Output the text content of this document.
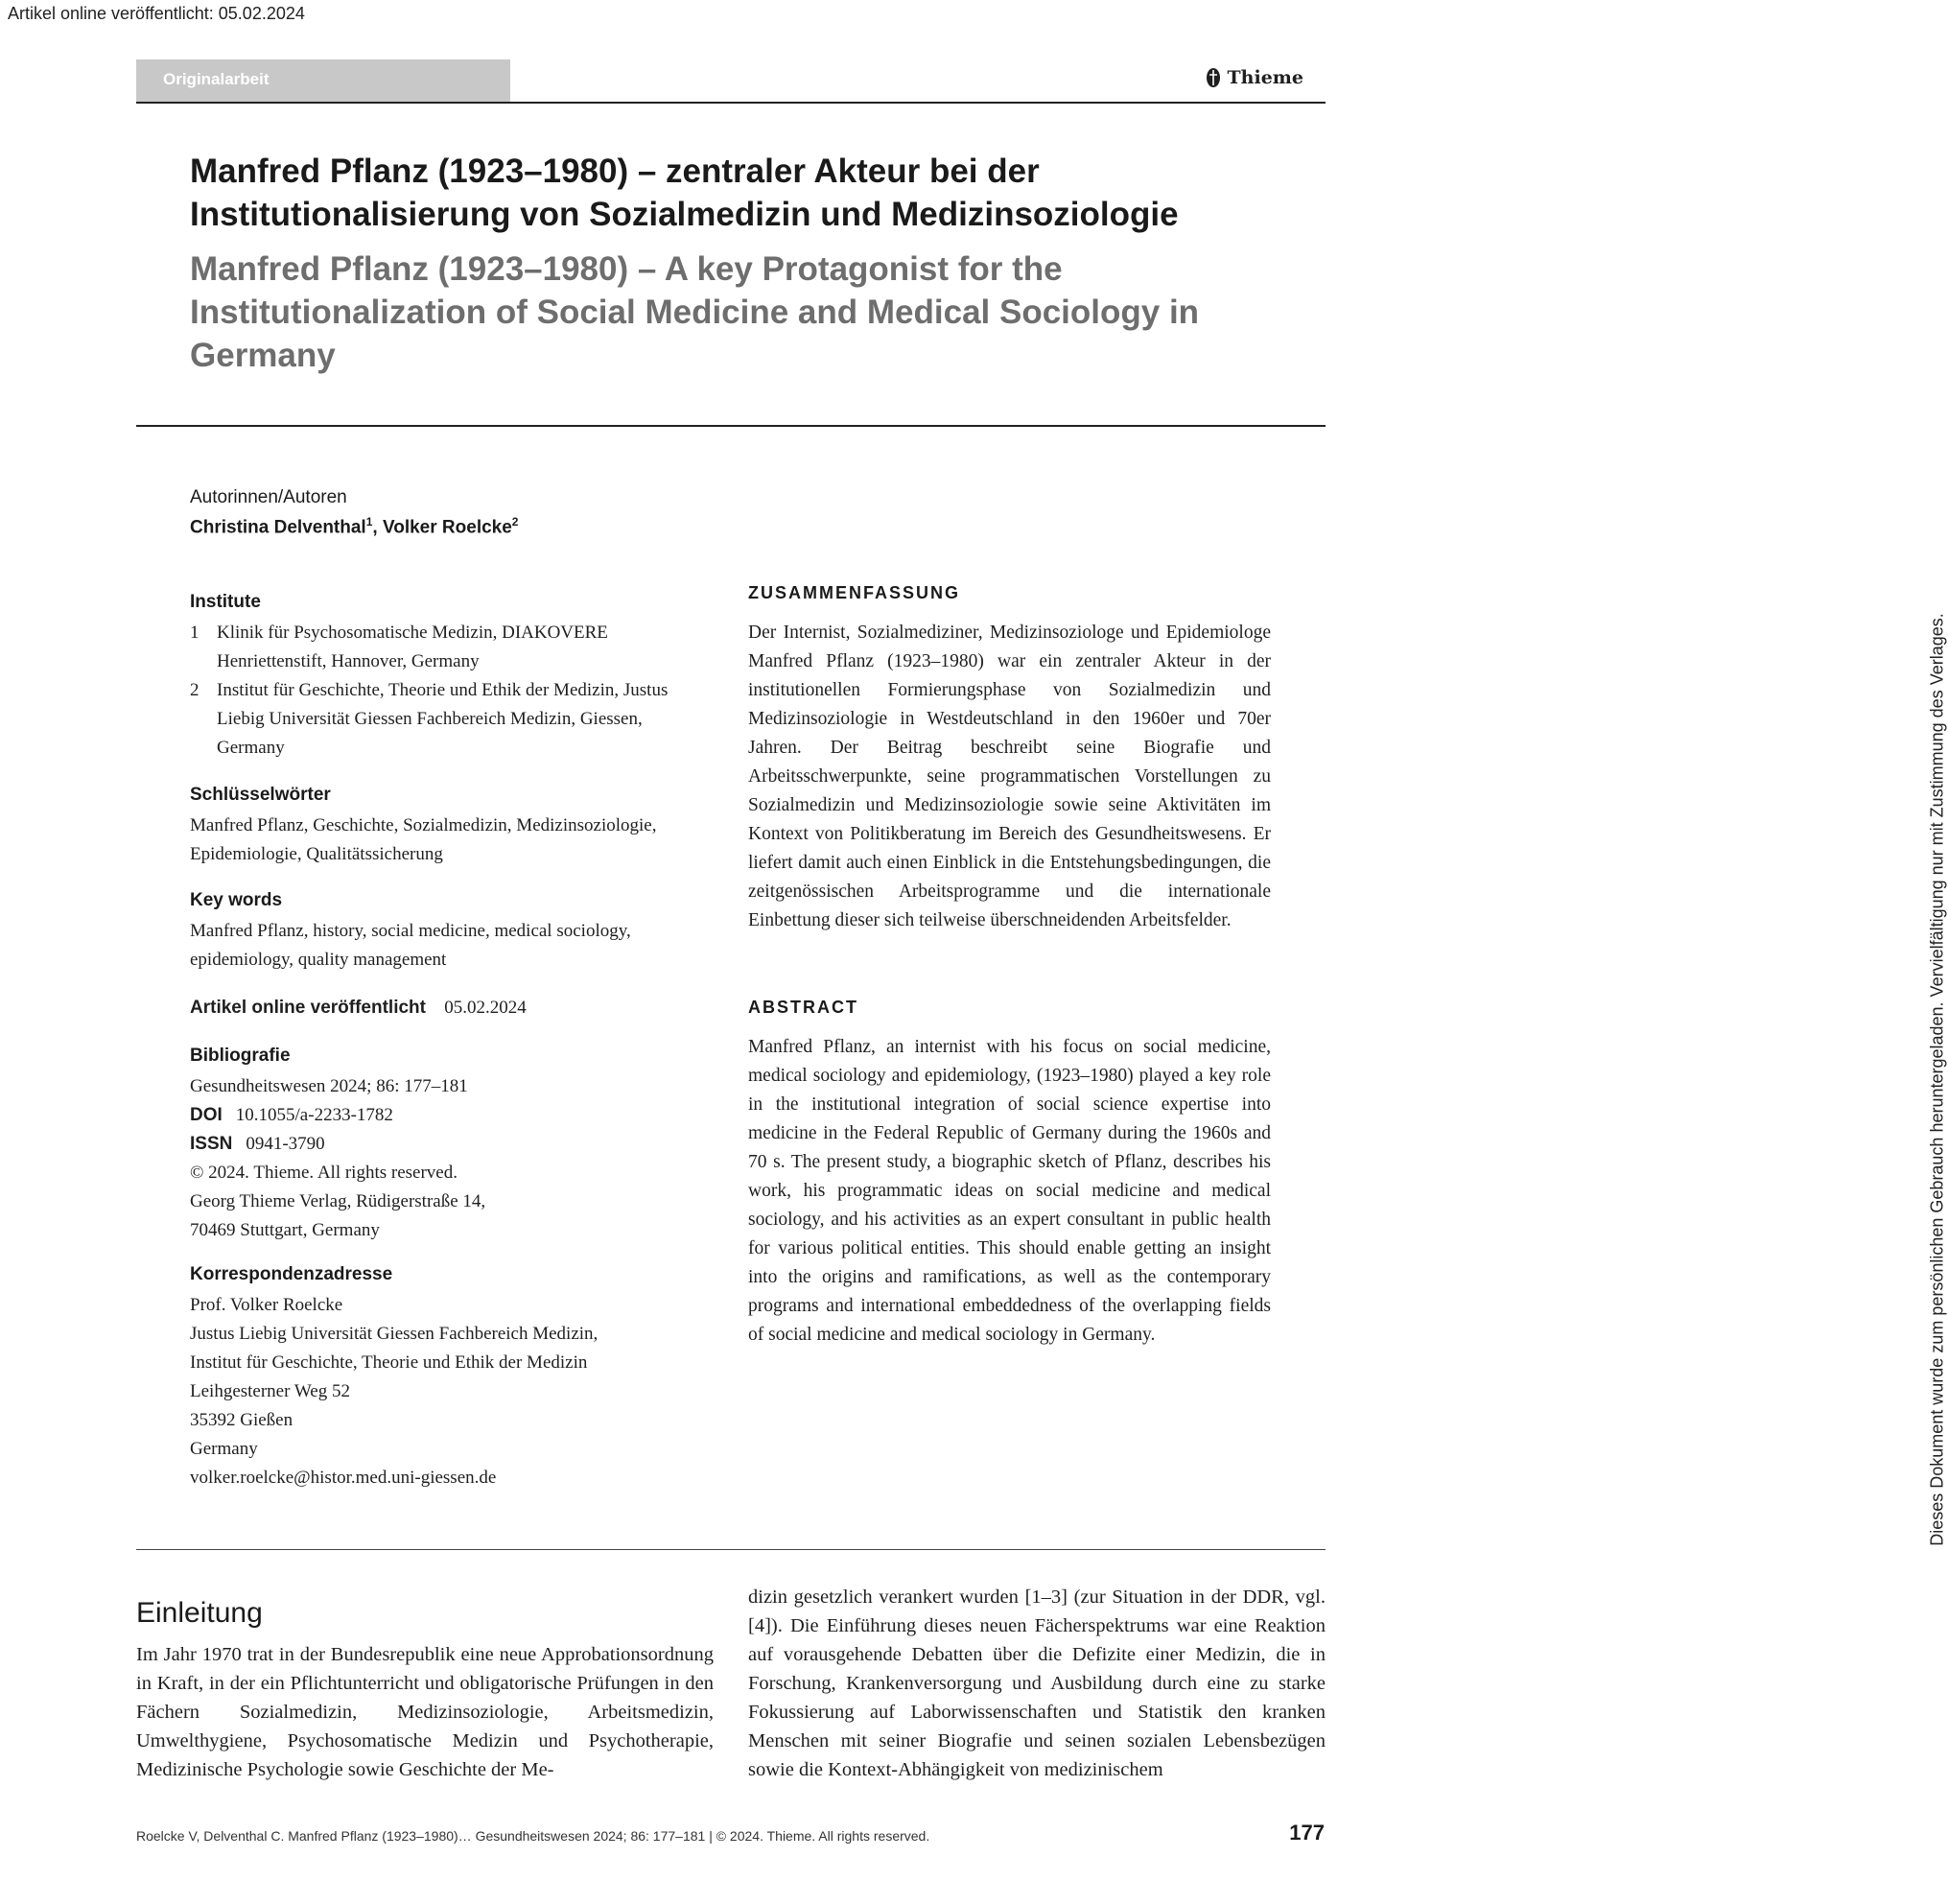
Artikel online veröffentlicht: 05.02.2024
Dieses Dokument wurde zum persönlichen Gebrauch heruntergeladen. Vervielfältigung nur mit Zustimmung des Verlages.
Originalarbeit	Thieme
Manfred Pflanz (1923–1980) – zentraler Akteur bei der Institutionalisierung von Sozialmedizin und Medizinsoziologie
Manfred Pflanz (1923–1980) – A key Protagonist for the Institutionalization of Social Medicine and Medical Sociology in Germany
Autorinnen/Autoren
Christina Delventhal$^1$, Volker Roelcke$^2$
Institute
1 Klinik für Psychosomatische Medizin, DIAKOVERE Henriettenstift, Hannover, Germany
2 Institut für Geschichte, Theorie und Ethik der Medizin, Justus Liebig Universität Giessen Fachbereich Medizin, Giessen, Germany
Schlüsselwörter
Manfred Pflanz, Geschichte, Sozialmedizin, Medizinsoziologie, Epidemiologie, Qualitätssicherung
Key words
Manfred Pflanz, history, social medicine, medical sociology, epidemiology, quality management
Artikel online veröffentlicht 05.02.2024
Bibliografie
Gesundheitswesen 2024; 86: 177–181
DOI 10.1055/a-2233-1782
ISSN 0941-3790
© 2024. Thieme. All rights reserved.
Georg Thieme Verlag, Rüdigerstraße 14,
70469 Stuttgart, Germany
Korrespondenzadresse
Prof. Volker Roelcke
Justus Liebig Universität Giessen Fachbereich Medizin,
Institut für Geschichte, Theorie und Ethik der Medizin
Leihgesterner Weg 52
35392 Gießen
Germany
volker.roelcke@histor.med.uni-giessen.de
ZUSAMMENFASSUNG
Der Internist, Sozialmediziner, Medizinsoziologe und Epidemiologe Manfred Pflanz (1923–1980) war ein zentraler Akteur in der institutionellen Formierungsphase von Sozialmedizin und Medizinsoziologie in Westdeutschland in den 1960er und 70er Jahren. Der Beitrag beschreibt seine Biografie und Arbeitsschwerpunkte, seine programmatischen Vorstellungen zu Sozialmedizin und Medizinsoziologie sowie seine Aktivitäten im Kontext von Politikberatung im Bereich des Gesundheitswesens. Er liefert damit auch einen Einblick in die Entstehungsbedingungen, die zeitgenössischen Arbeitsprogramme und die internationale Einbettung dieser sich teilweise überschneidenden Arbeitsfelder.
ABSTRACT
Manfred Pflanz, an internist with his focus on social medicine, medical sociology and epidemiology, (1923–1980) played a key role in the institutional integration of social science expertise into medicine in the Federal Republic of Germany during the 1960s and 70 s. The present study, a biographic sketch of Pflanz, describes his work, his programmatic ideas on social medicine and medical sociology, and his activities as an expert consultant in public health for various political entities. This should enable getting an insight into the origins and ramifications, as well as the contemporary programs and international embeddedness of the overlapping fields of social medicine and medical sociology in Germany.
Einleitung
Im Jahr 1970 trat in der Bundesrepublik eine neue Approbationsordnung in Kraft, in der ein Pflichtunterricht und obligatorische Prüfungen in den Fächern Sozialmedizin, Medizinsoziologie, Arbeitsmedizin, Umwelthygiene, Psychosomatische Medizin und Psychotherapie, Medizinische Psychologie sowie Geschichte der Me-
dizin gesetzlich verankert wurden [1–3] (zur Situation in der DDR, vgl. [4]). Die Einführung dieses neuen Fächerspektrums war eine Reaktion auf vorausgehende Debatten über die Defizite einer Medizin, die in Forschung, Krankenversorgung und Ausbildung durch eine zu starke Fokussierung auf Laborwissenschaften und Statistik den kranken Menschen mit seiner Biografie und seinen sozialen Lebensbezügen sowie die Kontext-Abhängigkeit von medizinischem
Roelcke V, Delventhal C. Manfred Pflanz (1923–1980)… Gesundheitswesen 2024; 86: 177–181 | © 2024. Thieme. All rights reserved.	177
